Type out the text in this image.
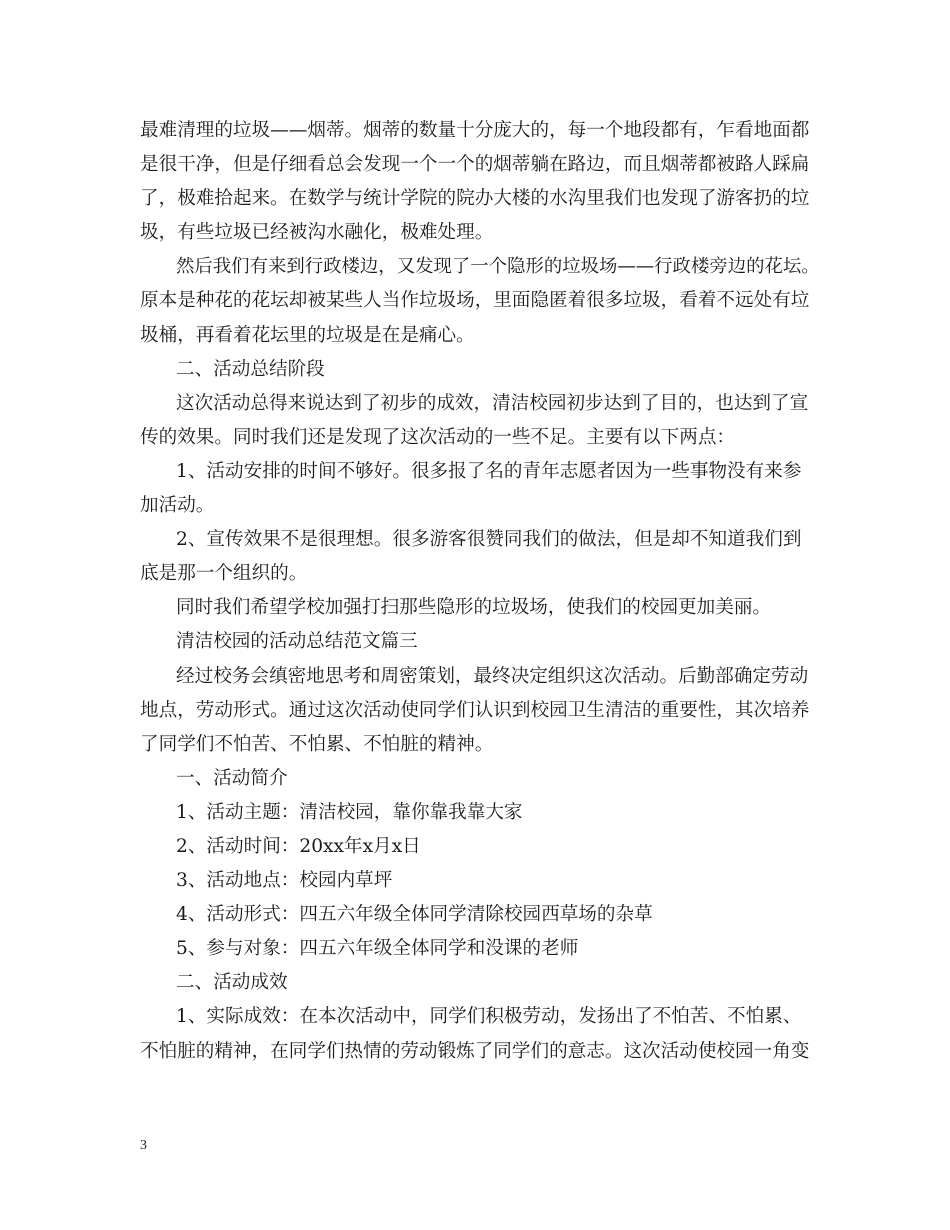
最难清理的垃圾——烟蒂。烟蒂的数量十分庞大的，每一个地段都有，乍看地面都

是很干净，但是仔细看总会发现一个一个的烟蒂躺在路边，而且烟蒂都被路人踩扁

了，极难拾起来。在数学与统计学院的院办大楼的水沟里我们也发现了游客扔的垃

圾，有些垃圾已经被沟水融化，极难处理。

然后我们有来到行政楼边，又发现了一个隐形的垃圾场——行政楼旁边的花坛。

原本是种花的花坛却被某些人当作垃圾场，里面隐匿着很多垃圾，看着不远处有垃

圾桶，再看着花坛里的垃圾是在是痛心。

二、活动总结阶段

这次活动总得来说达到了初步的成效，清洁校园初步达到了目的，也达到了宣

传的效果。同时我们还是发现了这次活动的一些不足。主要有以下两点：

1、活动安排的时间不够好。很多报了名的青年志愿者因为一些事物没有来参

加活动。

2、宣传效果不是很理想。很多游客很赞同我们的做法，但是却不知道我们到

底是那一个组织的。

同时我们希望学校加强打扫那些隐形的垃圾场，使我们的校园更加美丽。

清洁校园的活动总结范文篇三

经过校务会缜密地思考和周密策划，最终决定组织这次活动。后勤部确定劳动

地点，劳动形式。通过这次活动使同学们认识到校园卫生清洁的重要性，其次培养

了同学们不怕苦、不怕累、不怕脏的精神。

一、活动简介

1、活动主题：清洁校园，靠你靠我靠大家

2、活动时间：20xx年x月x日

3、活动地点：校园内草坪

4、活动形式：四五六年级全体同学清除校园西草场的杂草

5、参与对象：四五六年级全体同学和没课的老师

二、活动成效

1、实际成效：在本次活动中，同学们积极劳动，发扬出了不怕苦、不怕累、

不怕脏的精神，在同学们热情的劳动锻炼了同学们的意志。这次活动使校园一角变

3
